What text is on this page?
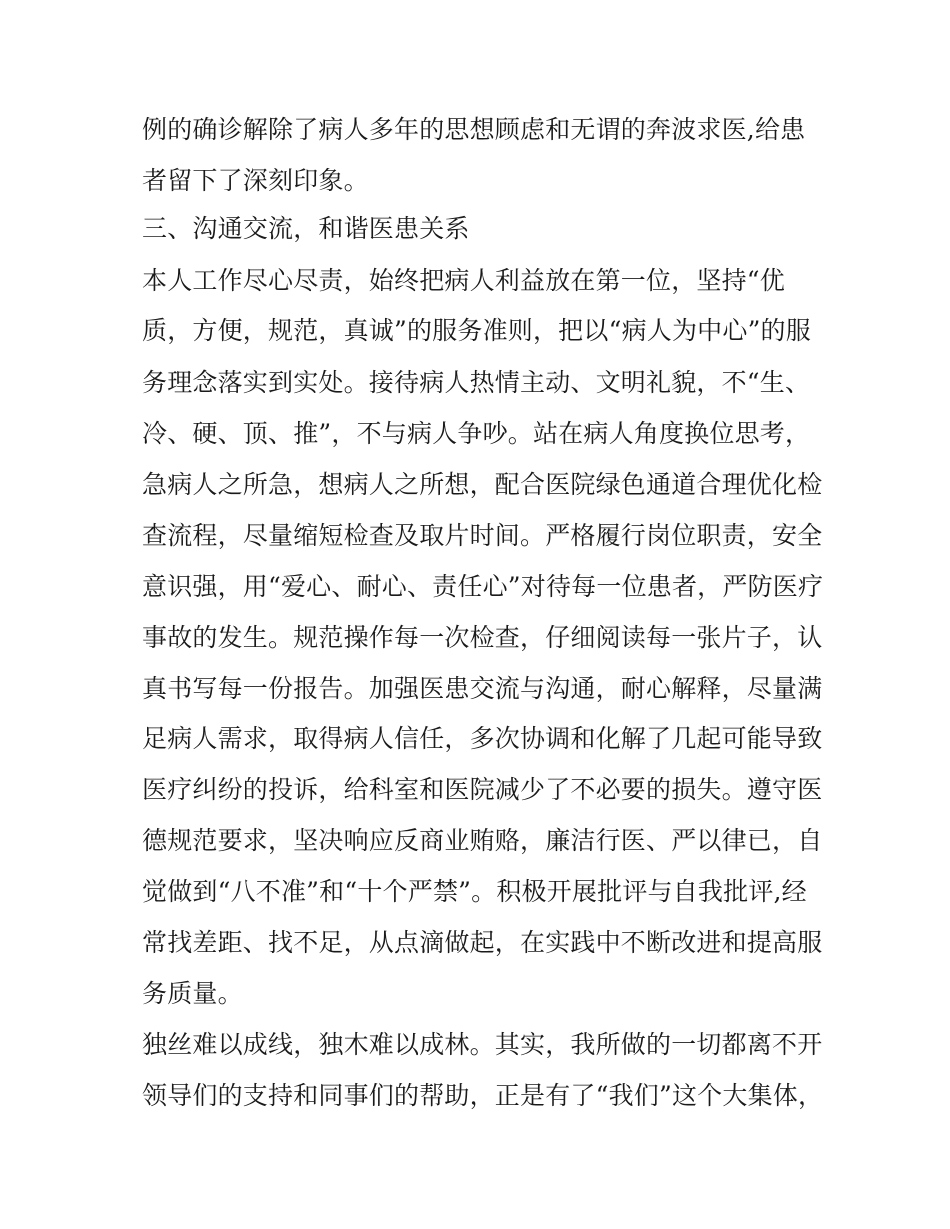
例的确诊解除了病人多年的思想顾虑和无谓的奔波求医,给患
者留下了深刻印象。
三、沟通交流，和谐医患关系
本人工作尽心尽责，始终把病人利益放在第一位，坚持“优
质，方便，规范，真诚”的服务准则，把以“病人为中心”的服
务理念落实到实处。接待病人热情主动、文明礼貌，不“生、
冷、硬、顶、推”，不与病人争吵。站在病人角度换位思考，
急病人之所急，想病人之所想，配合医院绿色通道合理优化检
查流程，尽量缩短检查及取片时间。严格履行岗位职责，安全
意识强，用“爱心、耐心、责任心”对待每一位患者，严防医疗
事故的发生。规范操作每一次检查，仔细阅读每一张片子，认
真书写每一份报告。加强医患交流与沟通，耐心解释，尽量满
足病人需求，取得病人信任，多次协调和化解了几起可能导致
医疗纠纷的投诉，给科室和医院减少了不必要的损失。遵守医
德规范要求，坚决响应反商业贿赂，廉洁行医、严以律已，自
觉做到“八不准”和“十个严禁”。积极开展批评与自我批评,经
常找差距、找不足，从点滴做起，在实践中不断改进和提高服
务质量。
独丝难以成线，独木难以成林。其实，我所做的一切都离不开
领导们的支持和同事们的帮助，正是有了“我们”这个大集体，
